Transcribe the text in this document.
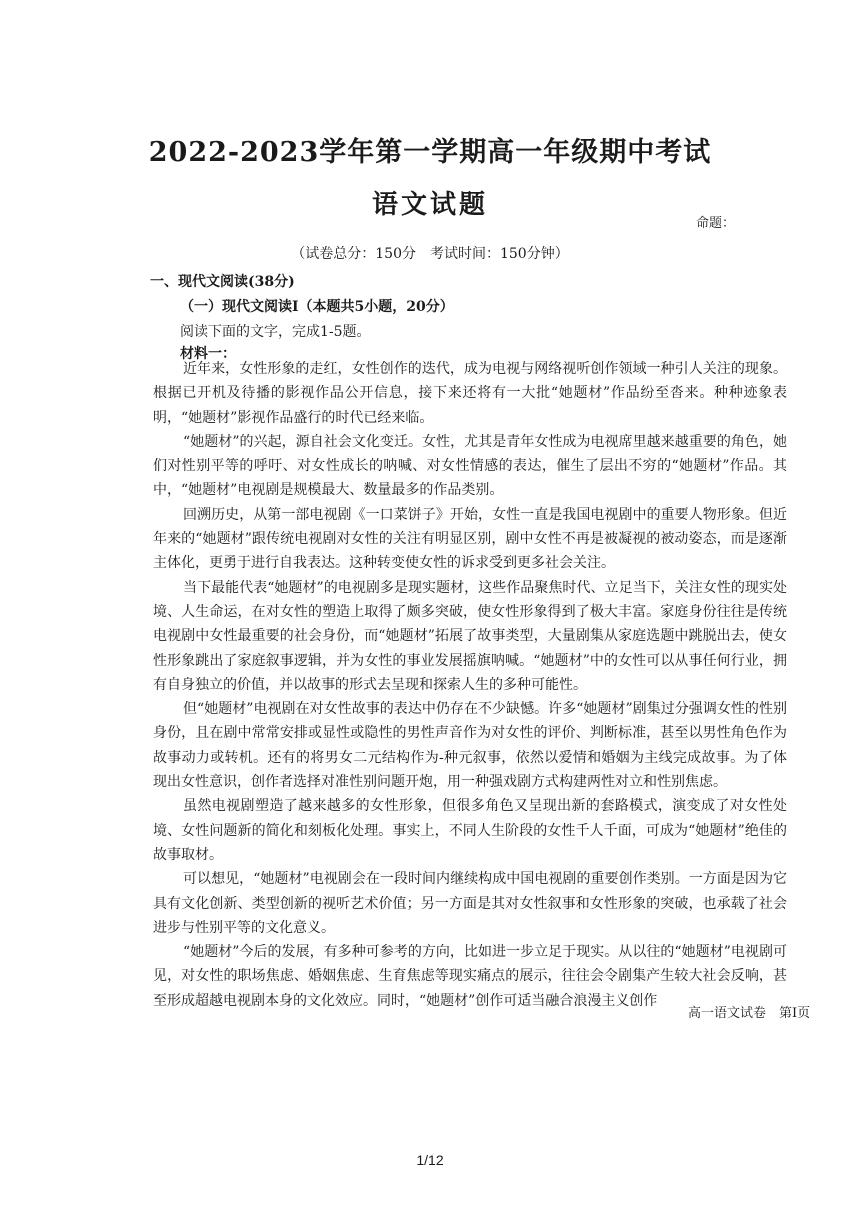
2022-2023学年第一学期高一年级期中考试
语文试题
命题：
（试卷总分：150分　考试时间：150分钟）
一、现代文阅读(38分)
（一）现代文阅读Ⅰ（本题共5小题，20分）
阅读下面的文字，完成1-5题。
材料一：

近年来，女性形象的走红，女性创作的迭代，成为电视与网络视听创作领域一种引人关注的现象。根据已开机及待播的影视作品公开信息，接下来还将有一大批“她题材”作品纷至沓来。种种迹象表明，“她题材”影视作品盛行的时代已经来临。

“她题材”的兴起，源自社会文化变迁。女性，尤其是青年女性成为电视席里越来越重要的角色，她们对性别平等的呼吁、对女性成长的呐喊、对女性情感的表达，催生了层出不穷的“她题材”作品。其中，“她题材”电视剧是规模最大、数量最多的作品类别。

回溯历史，从第一部电视剧《一口菜饼子》开始，女性一直是我国电视剧中的重要人物形象。但近年来的“她题材”跟传统电视剧对女性的关注有明显区别，剧中女性不再是被凝视的被动姿态，而是逐渐主体化，更勇于进行自我表达。这种转变使女性的诉求受到更多社会关注。

当下最能代表“她题材”的电视剧多是现实题材，这些作品聚焦时代、立足当下，关注女性的现实处境、人生命运，在对女性的塑造上取得了颇多突破，使女性形象得到了极大丰富。家庭身份往往是传统电视剧中女性最重要的社会身份，而“她题材”拓展了故事类型，大量剧集从家庭选题中跳脱出去，使女性形象跳出了家庭叙事逻辑，并为女性的事业发展摇旗呐喊。“她题材”中的女性可以从事任何行业，拥有自身独立的价值，并以故事的形式去呈现和探索人生的多种可能性。

但“她题材”电视剧在对女性故事的表达中仍存在不少缺憾。许多“她题材”剧集过分强调女性的性别身份，且在剧中常常安排或显性或隐性的男性声音作为对女性的评价、判断标准，甚至以男性角色作为故事动力或转机。还有的将男女二元结构作为-种元叙事，依然以爱情和婚姻为主线完成故事。为了体现出女性意识，创作者选择对准性别问题开炮，用一种强戏剧方式构建两性对立和性别焦虑。

虽然电视剧塑造了越来越多的女性形象，但很多角色又呈现出新的套路模式，演变成了对女性处境、女性问题新的简化和刻板化处理。事实上，不同人生阶段的女性千人千面，可成为“她题材”绝佳的故事取材。

可以想见，“她题材”电视剧会在一段时间内继续构成中国电视剧的重要创作类别。一方面是因为它具有文化创新、类型创新的视听艺术价值；另一方面是其对女性叙事和女性形象的突破，也承载了社会进步与性别平等的文化意义。

“她题材”今后的发展，有多种可参考的方向，比如进一步立足于现实。从以往的“她题材”电视剧可见，对女性的职场焦虑、婚姻焦虑、生育焦虑等现实痛点的展示，往往会令剧集产生较大社会反响，甚至形成超越电视剧本身的文化效应。同时，“她题材”创作可适当融合浪漫主义创作

高一语文试卷　第Ⅰ页
1/12
